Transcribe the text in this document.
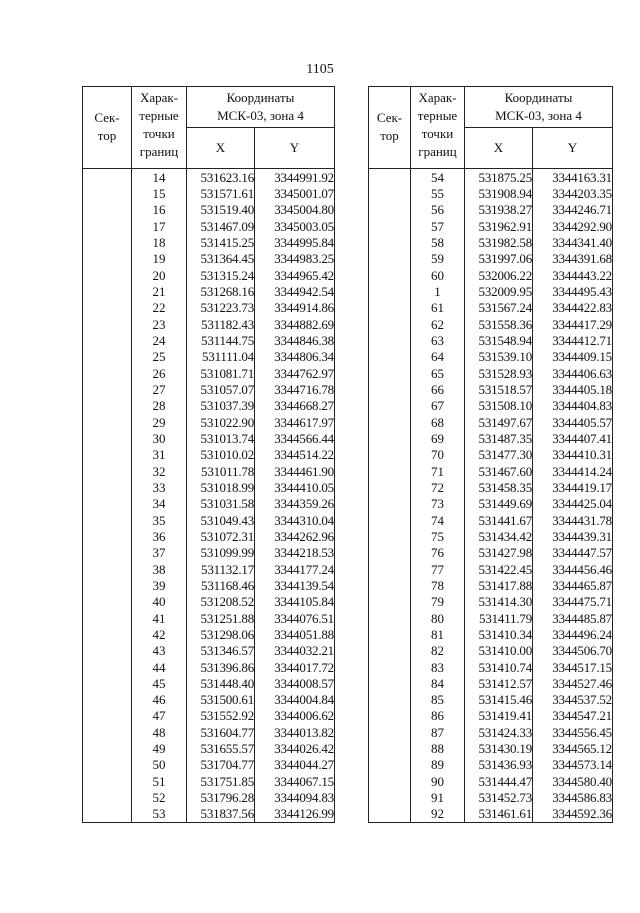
1105
Сек-
тор	Харак-
терные
точки
границ	Координаты
МСК-03, зона 4	

		X	Y
	14	531623.16	3344991.92
	15	531571.61	3345001.07
	16	531519.40	3345004.80
	17	531467.09	3345003.05
	18	531415.25	3344995.84
	19	531364.45	3344983.25
	20	531315.24	3344965.42
	21	531268.16	3344942.54
	22	531223.73	3344914.86
	23	531182.43	3344882.69
	24	531144.75	3344846.38
	25	531111.04	3344806.34
	26	531081.71	3344762.97
	27	531057.07	3344716.78
	28	531037.39	3344668.27
	29	531022.90	3344617.97
	30	531013.74	3344566.44
	31	531010.02	3344514.22
	32	531011.78	3344461.90
	33	531018.99	3344410.05
	34	531031.58	3344359.26
	35	531049.43	3344310.04
	36	531072.31	3344262.96
	37	531099.99	3344218.53
	38	531132.17	3344177.24
	39	531168.46	3344139.54
	40	531208.52	3344105.84
	41	531251.88	3344076.51
	42	531298.06	3344051.88
	43	531346.57	3344032.21
	44	531396.86	3344017.72
	45	531448.40	3344008.57
	46	531500.61	3344004.84
	47	531552.92	3344006.62
	48	531604.77	3344013.82
	49	531655.57	3344026.42
	50	531704.77	3344044.27
	51	531751.85	3344067.15
	52	531796.28	3344094.83
	53	531837.56	3344126.99
Сек-
тор	Харак-
терные
точки
границ	Координаты
МСК-03, зона 4	

		X	Y
	54	531875.25	3344163.31
	55	531908.94	3344203.35
	56	531938.27	3344246.71
	57	531962.91	3344292.90
	58	531982.58	3344341.40
	59	531997.06	3344391.68
	60	532006.22	3344443.22
	1	532009.95	3344495.43
	61	531567.24	3344422.83
	62	531558.36	3344417.29
	63	531548.94	3344412.71
	64	531539.10	3344409.15
	65	531528.93	3344406.63
	66	531518.57	3344405.18
	67	531508.10	3344404.83
	68	531497.67	3344405.57
	69	531487.35	3344407.41
	70	531477.30	3344410.31
	71	531467.60	3344414.24
	72	531458.35	3344419.17
	73	531449.69	3344425.04
	74	531441.67	3344431.78
	75	531434.42	3344439.31
	76	531427.98	3344447.57
	77	531422.45	3344456.46
	78	531417.88	3344465.87
	79	531414.30	3344475.71
	80	531411.79	3344485.87
	81	531410.34	3344496.24
	82	531410.00	3344506.70
	83	531410.74	3344517.15
	84	531412.57	3344527.46
	85	531415.46	3344537.52
	86	531419.41	3344547.21
	87	531424.33	3344556.45
	88	531430.19	3344565.12
	89	531436.93	3344573.14
	90	531444.47	3344580.40
	91	531452.73	3344586.83
	92	531461.61	3344592.36
